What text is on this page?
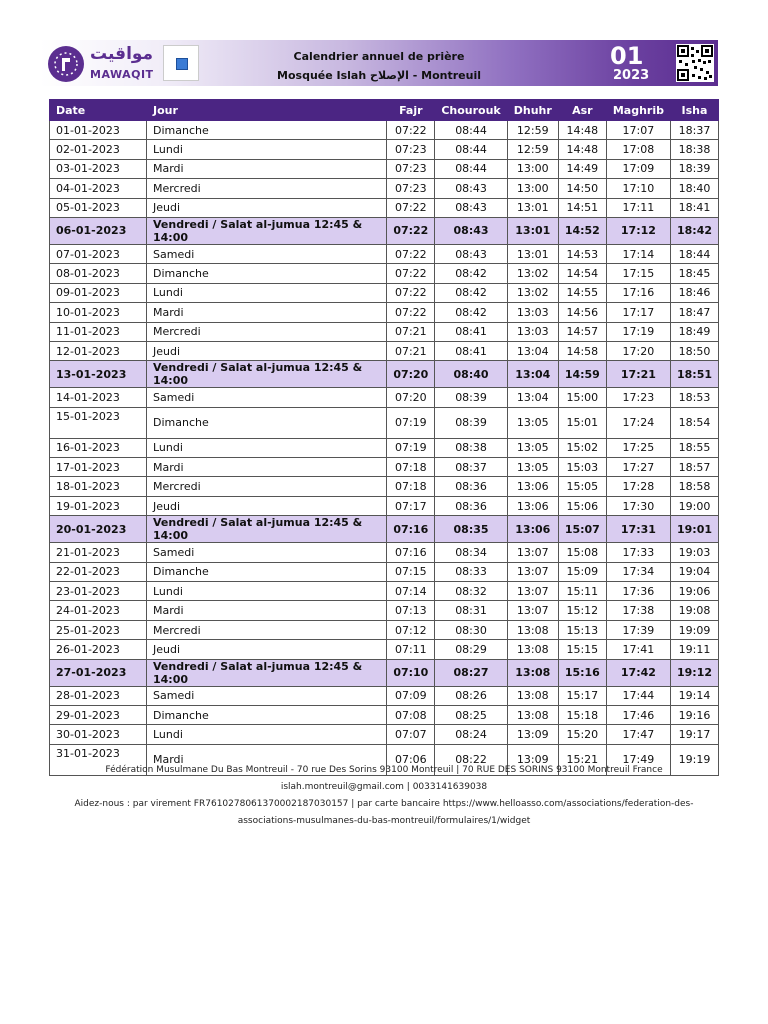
مواقيت
MAWAQIT
Calendrier annuel de prière
Mosquée Islah الإصلاح - Montreuil
01
2023
Date	Jour	Fajr	Chourouk	Dhuhr	Asr	Maghrib	Isha
01-01-2023	Dimanche	07:22	08:44	12:59	14:48	17:07	18:37
02-01-2023	Lundi	07:23	08:44	12:59	14:48	17:08	18:38
03-01-2023	Mardi	07:23	08:44	13:00	14:49	17:09	18:39
04-01-2023	Mercredi	07:23	08:43	13:00	14:50	17:10	18:40
05-01-2023	Jeudi	07:22	08:43	13:01	14:51	17:11	18:41
06-01-2023	Vendredi / Salat al-jumua 12:45 & 14:00	07:22	08:43	13:01	14:52	17:12	18:42
07-01-2023	Samedi	07:22	08:43	13:01	14:53	17:14	18:44
08-01-2023	Dimanche	07:22	08:42	13:02	14:54	17:15	18:45
09-01-2023	Lundi	07:22	08:42	13:02	14:55	17:16	18:46
10-01-2023	Mardi	07:22	08:42	13:03	14:56	17:17	18:47
11-01-2023	Mercredi	07:21	08:41	13:03	14:57	17:19	18:49
12-01-2023	Jeudi	07:21	08:41	13:04	14:58	17:20	18:50
13-01-2023	Vendredi / Salat al-jumua 12:45 & 14:00	07:20	08:40	13:04	14:59	17:21	18:51
14-01-2023	Samedi	07:20	08:39	13:04	15:00	17:23	18:53
15-01-2023	Dimanche	07:19	08:39	13:05	15:01	17:24	18:54
16-01-2023	Lundi	07:19	08:38	13:05	15:02	17:25	18:55
17-01-2023	Mardi	07:18	08:37	13:05	15:03	17:27	18:57
18-01-2023	Mercredi	07:18	08:36	13:06	15:05	17:28	18:58
19-01-2023	Jeudi	07:17	08:36	13:06	15:06	17:30	19:00
20-01-2023	Vendredi / Salat al-jumua 12:45 & 14:00	07:16	08:35	13:06	15:07	17:31	19:01
21-01-2023	Samedi	07:16	08:34	13:07	15:08	17:33	19:03
22-01-2023	Dimanche	07:15	08:33	13:07	15:09	17:34	19:04
23-01-2023	Lundi	07:14	08:32	13:07	15:11	17:36	19:06
24-01-2023	Mardi	07:13	08:31	13:07	15:12	17:38	19:08
25-01-2023	Mercredi	07:12	08:30	13:08	15:13	17:39	19:09
26-01-2023	Jeudi	07:11	08:29	13:08	15:15	17:41	19:11
27-01-2023	Vendredi / Salat al-jumua 12:45 & 14:00	07:10	08:27	13:08	15:16	17:42	19:12
28-01-2023	Samedi	07:09	08:26	13:08	15:17	17:44	19:14
29-01-2023	Dimanche	07:08	08:25	13:08	15:18	17:46	19:16
30-01-2023	Lundi	07:07	08:24	13:09	15:20	17:47	19:17
31-01-2023	Mardi	07:06	08:22	13:09	15:21	17:49	19:19
Fédération Musulmane Du Bas Montreuil - 70 rue Des Sorins 93100 Montreuil | 70 RUE DES SORINS 93100 Montreuil France
islah.montreuil@gmail.com | 0033141639038
Aidez-nous : par virement FR7610278061370002187030157 | par carte bancaire https://www.helloasso.com/associations/federation-des-
associations-musulmanes-du-bas-montreuil/formulaires/1/widget
